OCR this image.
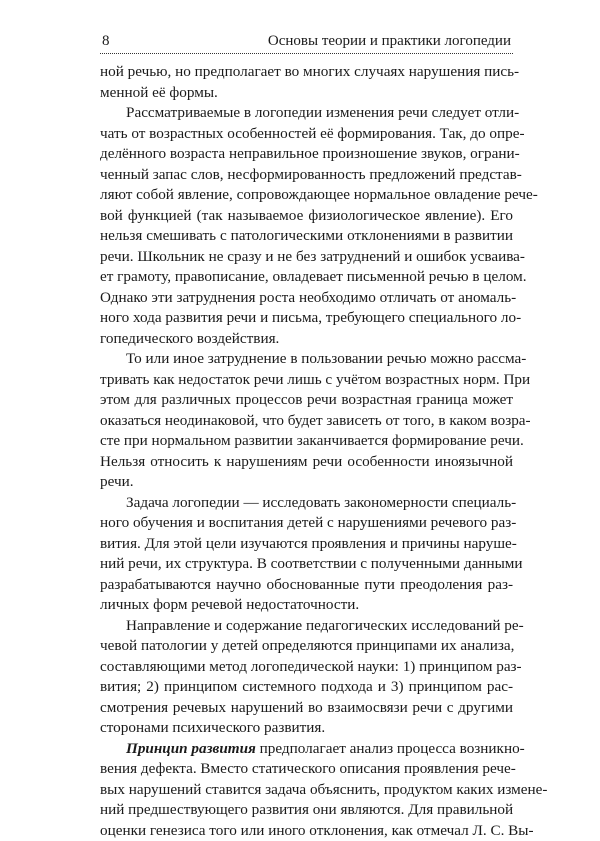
8	Основы теории и практики логопедии
ной речью, но предполагает во многих случаях нарушения пись-
менной её формы.
Рассматриваемые в логопедии изменения речи следует отли-
чать от возрастных особенностей её формирования. Так, до опре-
делённого возраста неправильное произношение звуков, ограни-
ченный запас слов, несформированность предложений представ-
ляют собой явление, сопровождающее нормальное овладение рече-
вой функцией (так называемое физиологическое явление). Его
нельзя смешивать с патологическими отклонениями в развитии
речи. Школьник не сразу и не без затруднений и ошибок усваива-
ет грамоту, правописание, овладевает письменной речью в целом.
Однако эти затруднения роста необходимо отличать от аномаль-
ного хода развития речи и письма, требующего специального ло-
гопедического воздействия.
То или иное затруднение в пользовании речью можно рассма-
тривать как недостаток речи лишь с учётом возрастных норм. При
этом для различных процессов речи возрастная граница может
оказаться неодинаковой, что будет зависеть от того, в каком возра-
сте при нормальном развитии заканчивается формирование речи.
Нельзя относить к нарушениям речи особенности иноязычной
речи.
Задача логопедии — исследовать закономерности специаль-
ного обучения и воспитания детей с нарушениями речевого раз-
вития. Для этой цели изучаются проявления и причины наруше-
ний речи, их структура. В соответствии с полученными данными
разрабатываются научно обоснованные пути преодоления раз-
личных форм речевой недостаточности.
Направление и содержание педагогических исследований ре-
чевой патологии у детей определяются принципами их анализа,
составляющими метод логопедической науки: 1) принципом раз-
вития; 2) принципом системного подхода и 3) принципом рас-
смотрения речевых нарушений во взаимосвязи речи с другими
сторонами психического развития.
Принцип развития предполагает анализ процесса возникно-
вения дефекта. Вместо статического описания проявления рече-
вых нарушений ставится задача объяснить, продуктом каких измене-
ний предшествующего развития они являются. Для правильной
оценки генезиса того или иного отклонения, как отмечал Л. С. Вы-
